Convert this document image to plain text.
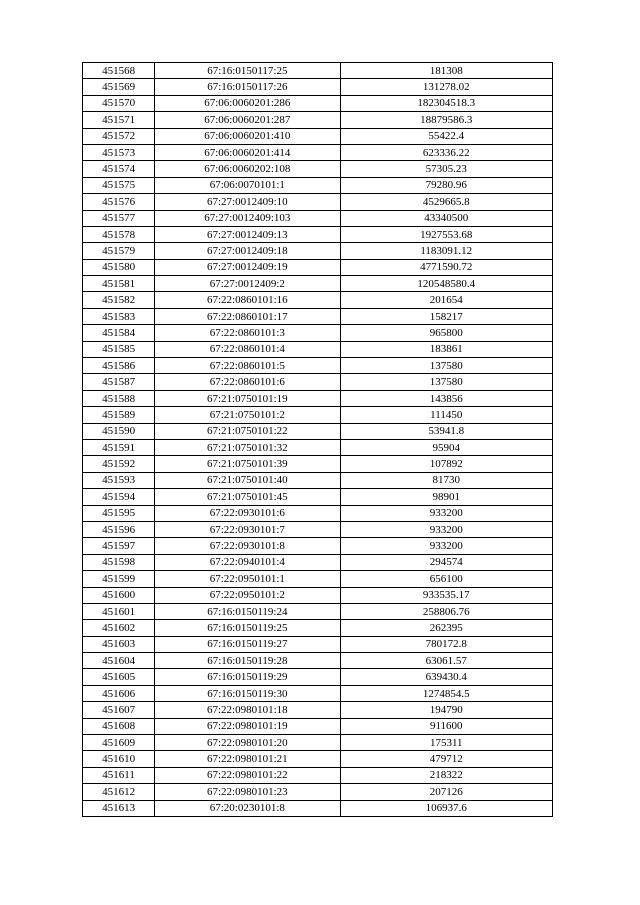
451568	67:16:0150117:25	181308
451569	67:16:0150117:26	131278.02
451570	67:06:0060201:286	182304518.3
451571	67:06:0060201:287	18879586.3
451572	67:06:0060201:410	55422.4
451573	67:06:0060201:414	623336.22
451574	67:06:0060202:108	57305.23
451575	67:06:0070101:1	79280.96
451576	67:27:0012409:10	4529665.8
451577	67:27:0012409:103	43340500
451578	67:27:0012409:13	1927553.68
451579	67:27:0012409:18	1183091.12
451580	67:27:0012409:19	4771590.72
451581	67:27:0012409:2	120548580.4
451582	67:22:0860101:16	201654
451583	67:22:0860101:17	158217
451584	67:22:0860101:3	965800
451585	67:22:0860101:4	183861
451586	67:22:0860101:5	137580
451587	67:22:0860101:6	137580
451588	67:21:0750101:19	143856
451589	67:21:0750101:2	111450
451590	67:21:0750101:22	53941.8
451591	67:21:0750101:32	95904
451592	67:21:0750101:39	107892
451593	67:21:0750101:40	81730
451594	67:21:0750101:45	98901
451595	67:22:0930101:6	933200
451596	67:22:0930101:7	933200
451597	67:22:0930101:8	933200
451598	67:22:0940101:4	294574
451599	67:22:0950101:1	656100
451600	67:22:0950101:2	933535.17
451601	67:16:0150119:24	258806.76
451602	67:16:0150119:25	262395
451603	67:16:0150119:27	780172.8
451604	67:16:0150119:28	63061.57
451605	67:16:0150119:29	639430.4
451606	67:16:0150119:30	1274854.5
451607	67:22:0980101:18	194790
451608	67:22:0980101:19	911600
451609	67:22:0980101:20	175311
451610	67:22:0980101:21	479712
451611	67:22:0980101:22	218322
451612	67:22:0980101:23	207126
451613	67:20:0230101:8	106937.6
